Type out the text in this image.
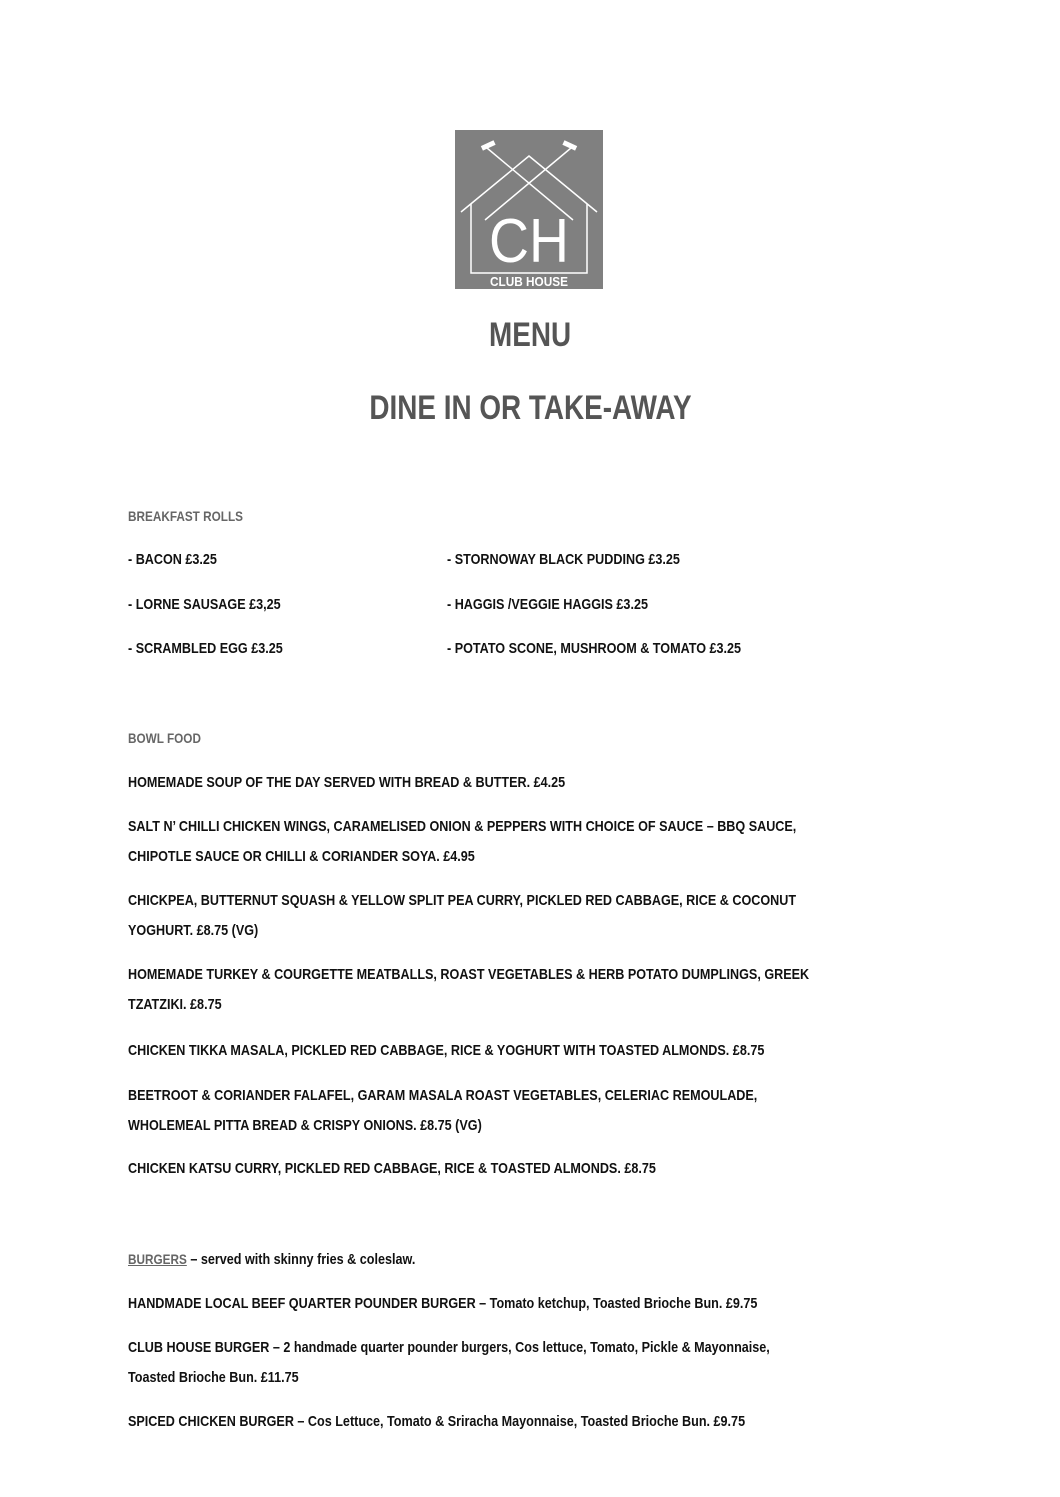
CH
CLUB HOUSE
MENU
DINE IN OR TAKE-AWAY
BREAKFAST ROLLS
- BACON £3.25
- LORNE SAUSAGE £3,25
- SCRAMBLED EGG £3.25
- STORNOWAY BLACK PUDDING £3.25
- HAGGIS /VEGGIE HAGGIS £3.25
- POTATO SCONE, MUSHROOM & TOMATO £3.25
BOWL FOOD
HOMEMADE SOUP OF THE DAY SERVED WITH BREAD & BUTTER. £4.25
SALT N’ CHILLI CHICKEN WINGS, CARAMELISED ONION & PEPPERS WITH CHOICE OF SAUCE – BBQ SAUCE,
CHIPOTLE SAUCE OR CHILLI & CORIANDER SOYA. £4.95
CHICKPEA, BUTTERNUT SQUASH & YELLOW SPLIT PEA CURRY, PICKLED RED CABBAGE, RICE & COCONUT
YOGHURT. £8.75 (VG)
HOMEMADE TURKEY & COURGETTE MEATBALLS, ROAST VEGETABLES & HERB POTATO DUMPLINGS, GREEK
TZATZIKI. £8.75
CHICKEN TIKKA MASALA, PICKLED RED CABBAGE, RICE & YOGHURT WITH TOASTED ALMONDS. £8.75
BEETROOT & CORIANDER FALAFEL, GARAM MASALA ROAST VEGETABLES, CELERIAC REMOULADE,
WHOLEMEAL PITTA BREAD & CRISPY ONIONS. £8.75 (VG)
CHICKEN KATSU CURRY, PICKLED RED CABBAGE, RICE & TOASTED ALMONDS. £8.75
BURGERS – served with skinny fries & coleslaw.
HANDMADE LOCAL BEEF QUARTER POUNDER BURGER – Tomato ketchup, Toasted Brioche Bun. £9.75
CLUB HOUSE BURGER – 2 handmade quarter pounder burgers, Cos lettuce, Tomato, Pickle & Mayonnaise,
Toasted Brioche Bun. £11.75
SPICED CHICKEN BURGER – Cos Lettuce, Tomato & Sriracha Mayonnaise, Toasted Brioche Bun. £9.75
